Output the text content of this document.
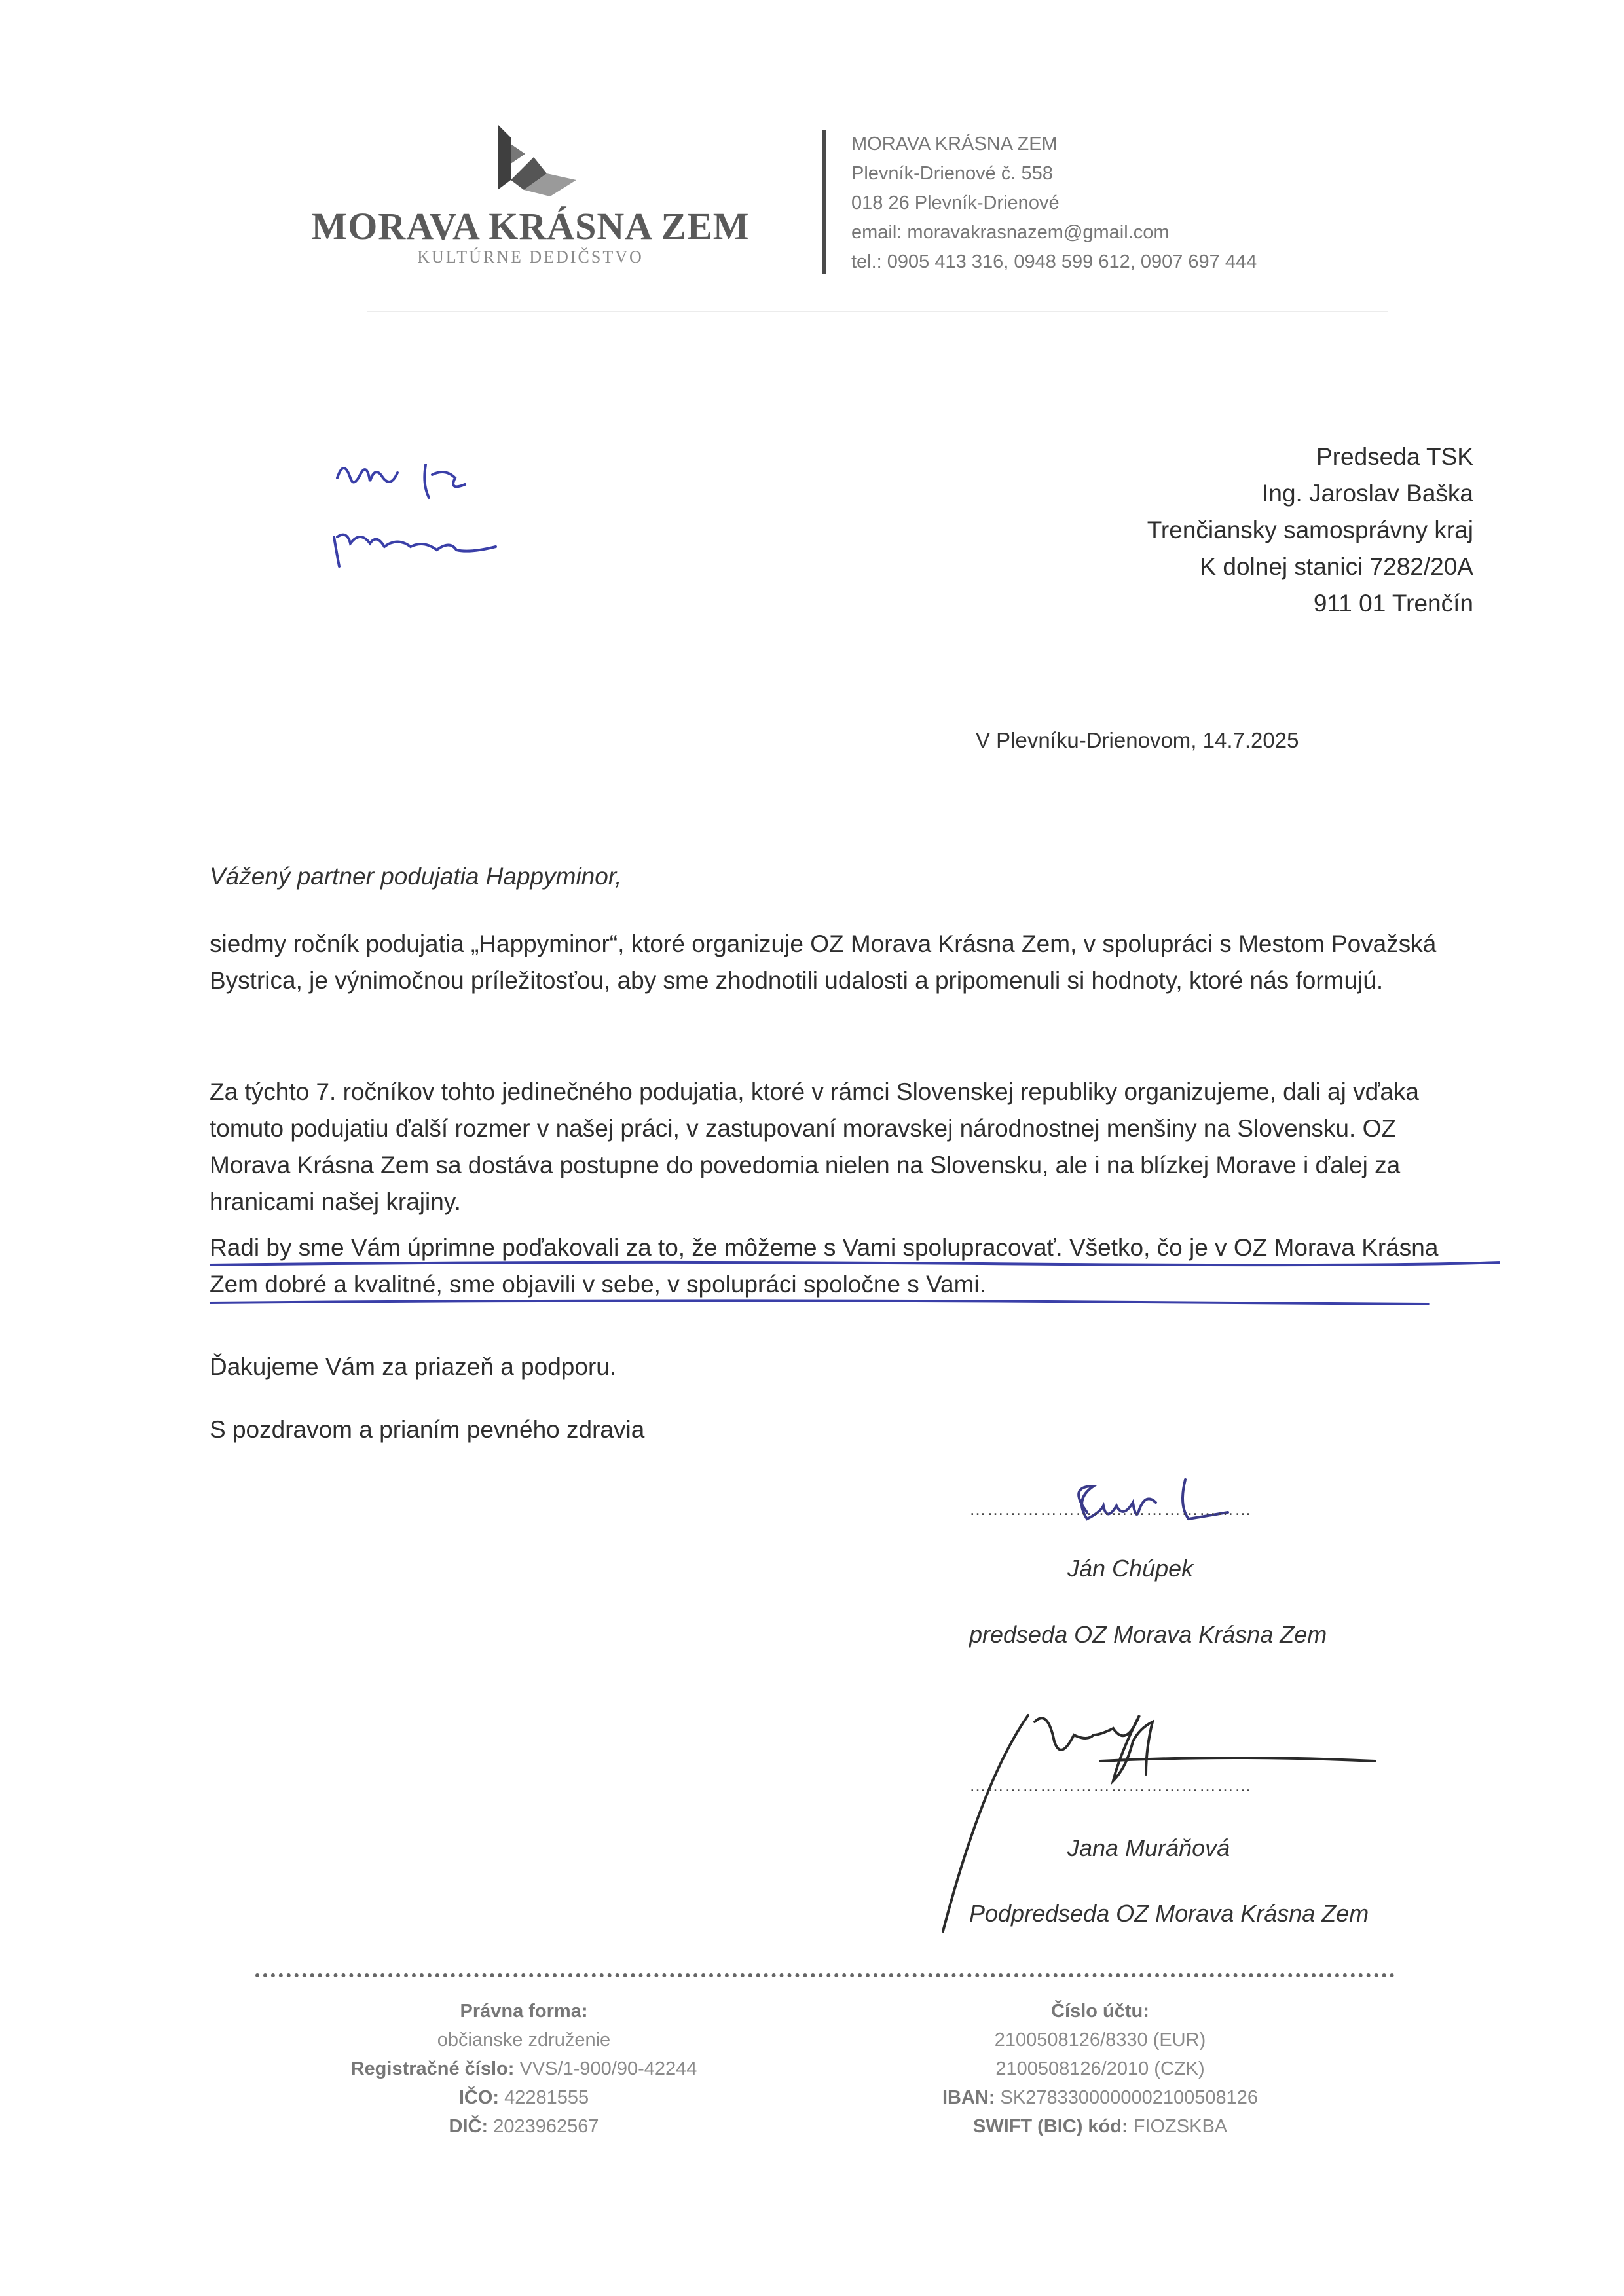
MORAVA KRÁSNA ZEM
KULTÚRNE DEDIČSTVO
MORAVA KRÁSNA ZEM
Plevník-Drienové č. 558
018 26 Plevník-Drienové
email: moravakrasnazem@gmail.com
tel.: 0905 413 316, 0948 599 612, 0907 697 444
Predseda TSK
Ing. Jaroslav Baška
Trenčiansky samosprávny kraj
K dolnej stanici 7282/20A
911 01 Trenčín
V Plevníku-Drienovom, 14.7.2025
Vážený partner podujatia Happyminor,
siedmy ročník podujatia „Happyminor“, ktoré organizuje OZ Morava Krásna Zem, v spolupráci s Mestom Považská Bystrica, je výnimočnou príležitosťou, aby sme zhodnotili udalosti a pripomenuli si hodnoty, ktoré nás formujú.
Za týchto 7. ročníkov tohto jedinečného podujatia, ktoré v rámci Slovenskej republiky organizujeme, dali aj vďaka tomuto podujatiu ďalší rozmer v našej práci, v zastupovaní moravskej národnostnej menšiny na Slovensku. OZ Morava Krásna Zem sa dostáva postupne do povedomia nielen na Slovensku, ale i na blízkej Morave i ďalej za hranicami našej krajiny.
Radi by sme Vám úprimne poďakovali za to, že môžeme s Vami spolupracovať. Všetko, čo je v OZ Morava Krásna Zem dobré a kvalitné, sme objavili v sebe, v spolupráci spoločne s Vami.
Ďakujeme Vám za priazeň a podporu.
S pozdravom a prianím pevného zdravia
…………………………………………
Ján Chúpek
predseda OZ Morava Krásna Zem
…………………………………………
Jana Muráňová
Podpredseda OZ Morava Krásna Zem
Právna forma:
občianske združenie
Registračné číslo: VVS/1-900/90-42244
IČO: 42281555
DIČ: 2023962567
Číslo účtu:
2100508126/8330 (EUR)
2100508126/2010 (CZK)
IBAN: SK2783300000002100508126
SWIFT (BIC) kód: FIOZSKBA
